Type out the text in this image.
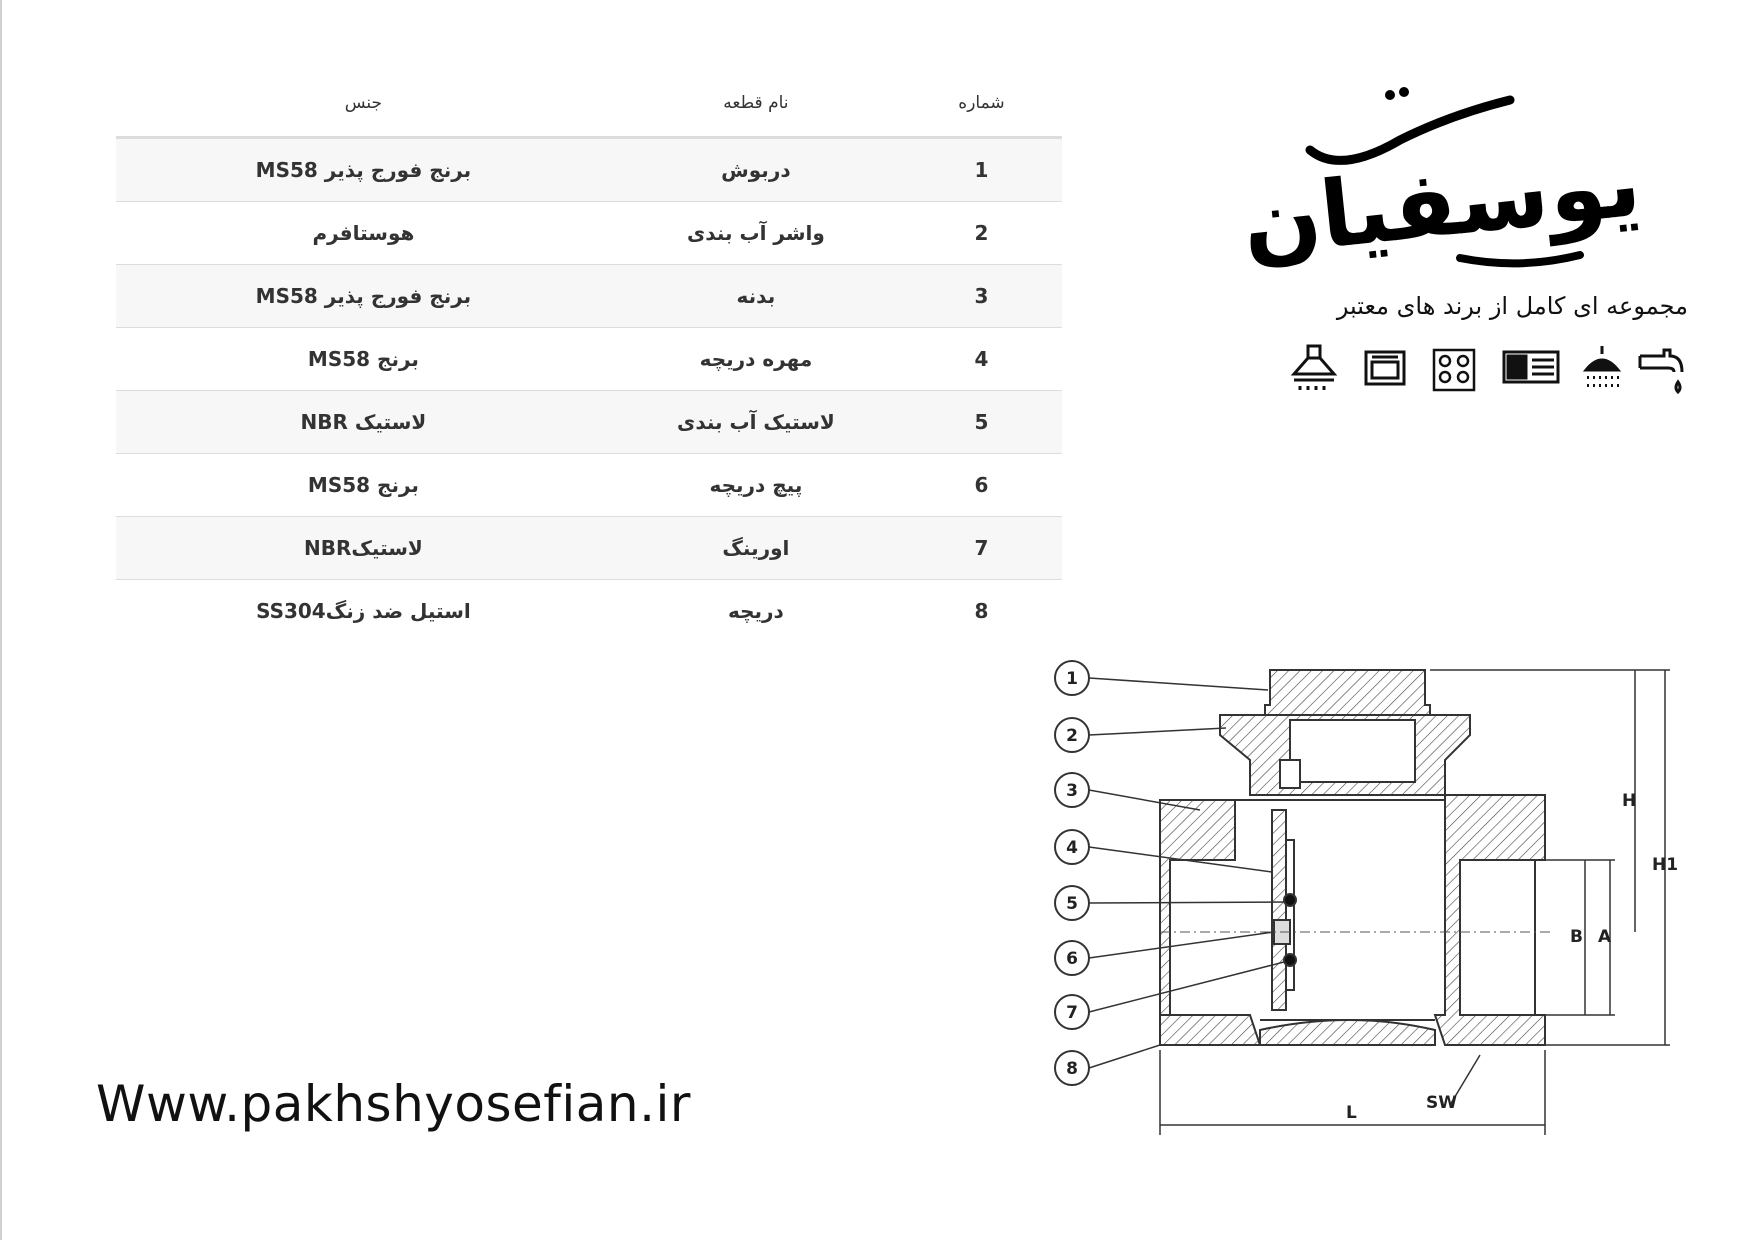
شماره	نام قطعه	جنس
1	دربوش	برنج فورج پذیر MS58
2	واشر آب بندی	هوستافرم
3	بدنه	برنج فورج پذیر MS58
4	مهره دریچه	برنج MS58
5	لاستیک آب بندی	لاستیک NBR
6	پیچ دریچه	برنج MS58
7	اورینگ	لاستیکNBR
8	دریچه	استیل ضد زنگSS304
یوسفیان
مجموعه ای کامل از برند های معتبر
1
2
3
4
5
6
7
8
L
H
H1
A
B
SW
Www.pakhshyosefian.ir
